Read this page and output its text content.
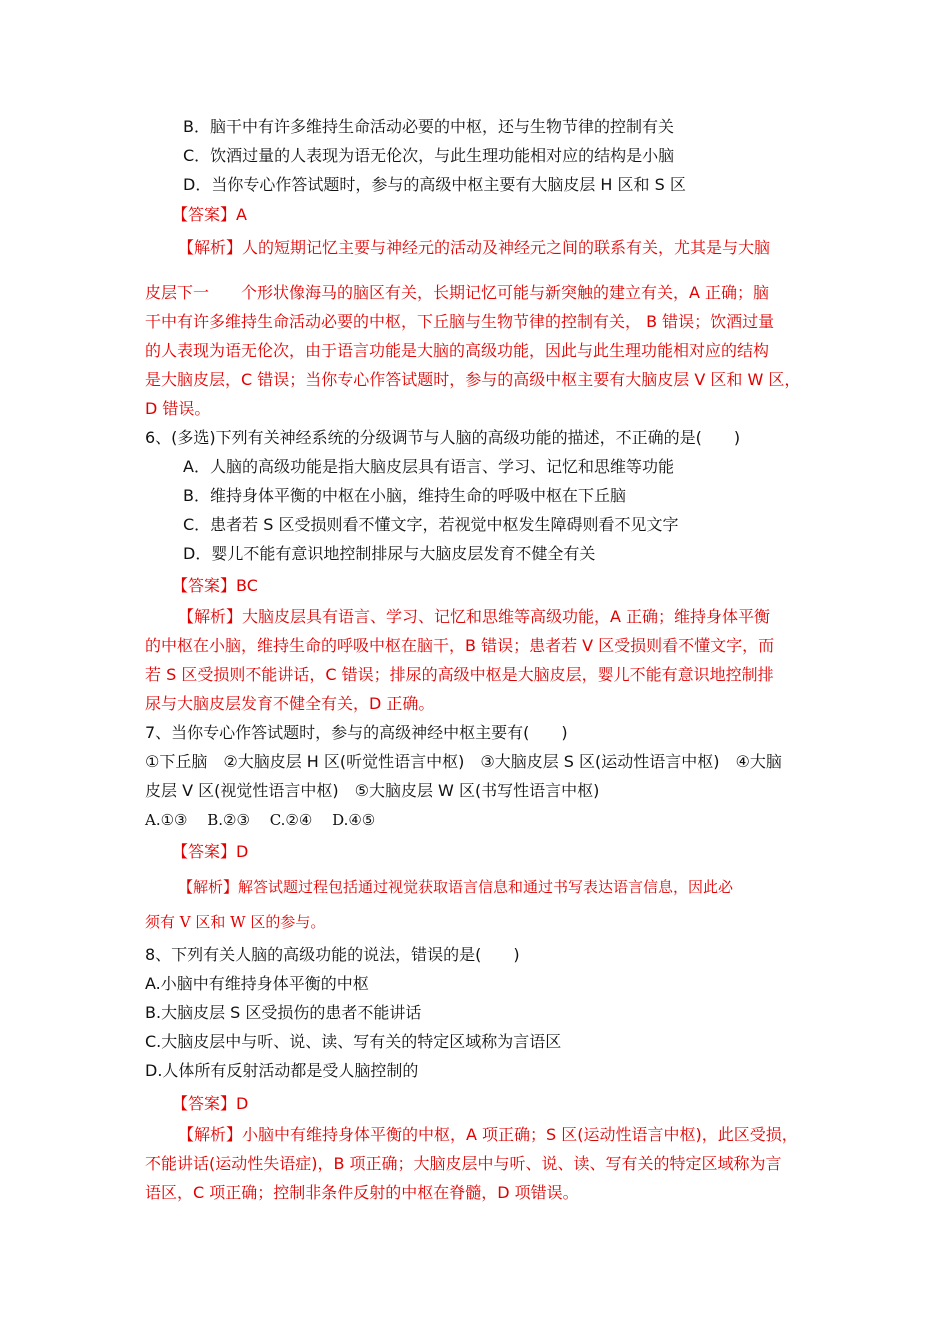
B．脑干中有许多维持生命活动必要的中枢，还与生物节律的控制有关
C．饮酒过量的人表现为语无伦次，与此生理功能相对应的结构是小脑
D．当你专心作答试题时，参与的高级中枢主要有大脑皮层 H 区和 S 区
【答案】A
【解析】人的短期记忆主要与神经元的活动及神经元之间的联系有关，尤其是与大脑
皮层下一　　个形状像海马的脑区有关，长期记忆可能与新突触的建立有关，A 正确；脑
干中有许多维持生命活动必要的中枢，下丘脑与生物节律的控制有关， B 错误；饮酒过量
的人表现为语无伦次，由于语言功能是大脑的高级功能，因此与此生理功能相对应的结构
是大脑皮层，C 错误；当你专心作答试题时，参与的高级中枢主要有大脑皮层 V 区和 W 区，
D 错误。
6、(多选)下列有关神经系统的分级调节与人脑的高级功能的描述，不正确的是(　　)
A．人脑的高级功能是指大脑皮层具有语言、学习、记忆和思维等功能
B．维持身体平衡的中枢在小脑，维持生命的呼吸中枢在下丘脑
C．患者若 S 区受损则看不懂文字，若视觉中枢发生障碍则看不见文字
D．婴儿不能有意识地控制排尿与大脑皮层发育不健全有关
【答案】BC
【解析】大脑皮层具有语言、学习、记忆和思维等高级功能，A 正确；维持身体平衡
的中枢在小脑，维持生命的呼吸中枢在脑干，B 错误；患者若 V 区受损则看不懂文字，而
若 S 区受损则不能讲话，C 错误；排尿的高级中枢是大脑皮层，婴儿不能有意识地控制排
尿与大脑皮层发育不健全有关，D 正确。
7、当你专心作答试题时，参与的高级神经中枢主要有(　　)
①下丘脑　②大脑皮层 H 区(听觉性语言中枢)　③大脑皮层 S 区(运动性语言中枢)　④大脑
皮层 V 区(视觉性语言中枢)　⑤大脑皮层 W 区(书写性语言中枢)
A.①③　 B.②③　 C.②④　 D.④⑤
【答案】D
【解析】解答试题过程包括通过视觉获取语言信息和通过书写表达语言信息，因此必
须有 V 区和 W 区的参与。
8、下列有关人脑的高级功能的说法，错误的是(　　)
A.小脑中有维持身体平衡的中枢
B.大脑皮层 S 区受损伤的患者不能讲话
C.大脑皮层中与听、说、读、写有关的特定区域称为言语区
D.人体所有反射活动都是受人脑控制的
【答案】D
【解析】小脑中有维持身体平衡的中枢，A 项正确；S 区(运动性语言中枢)，此区受损，
不能讲话(运动性失语症)，B 项正确；大脑皮层中与听、说、读、写有关的特定区域称为言
语区，C 项正确；控制非条件反射的中枢在脊髓，D 项错误。
